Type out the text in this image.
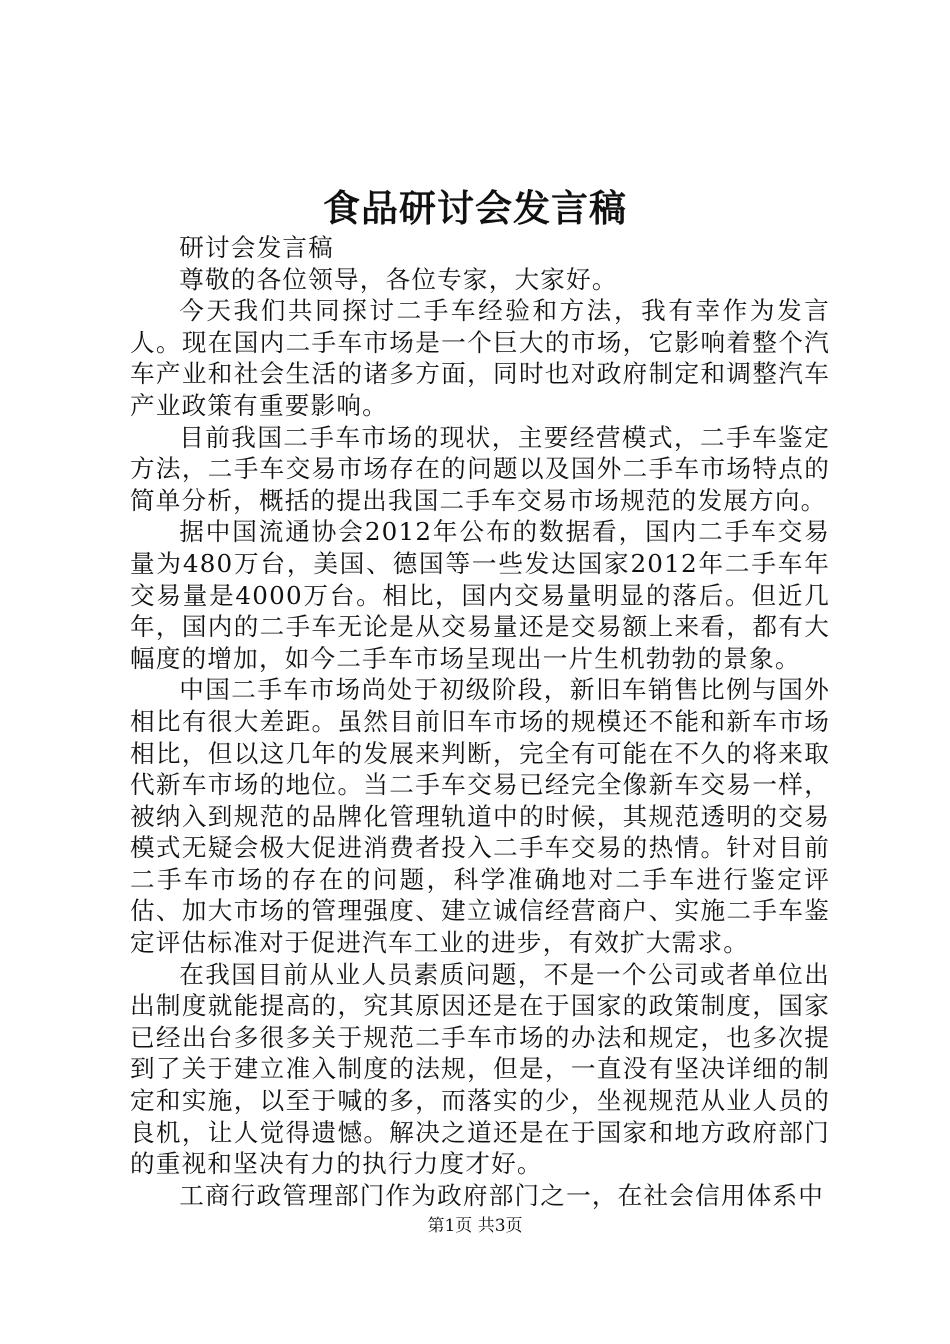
食品研讨会发言稿

研讨会发言稿

尊敬的各位领导，各位专家，大家好。

今天我们共同探讨二手车经验和方法，我有幸作为发言人。现在国内二手车市场是一个巨大的市场，它影响着整个汽车产业和社会生活的诸多方面，同时也对政府制定和调整汽车产业政策有重要影响。

目前我国二手车市场的现状，主要经营模式，二手车鉴定方法，二手车交易市场存在的问题以及国外二手车市场特点的简单分析，概括的提出我国二手车交易市场规范的发展方向。

据中国流通协会2012年公布的数据看，国内二手车交易量为480万台，美国、德国等一些发达国家2012年二手车年交易量是4000万台。相比，国内交易量明显的落后。但近几年，国内的二手车无论是从交易量还是交易额上来看，都有大幅度的增加，如今二手车市场呈现出一片生机勃勃的景象。

中国二手车市场尚处于初级阶段，新旧车销售比例与国外相比有很大差距。虽然目前旧车市场的规模还不能和新车市场相比，但以这几年的发展来判断，完全有可能在不久的将来取代新车市场的地位。当二手车交易已经完全像新车交易一样，被纳入到规范的品牌化管理轨道中的时候，其规范透明的交易模式无疑会极大促进消费者投入二手车交易的热情。针对目前二手车市场的存在的问题，科学准确地对二手车进行鉴定评估、加大市场的管理强度、建立诚信经营商户、实施二手车鉴定评估标准对于促进汽车工业的进步，有效扩大需求。

在我国目前从业人员素质问题，不是一个公司或者单位出出制度就能提高的，究其原因还是在于国家的政策制度，国家已经出台多很多关于规范二手车市场的办法和规定，也多次提到了关于建立准入制度的法规，但是，一直没有坚决详细的制定和实施，以至于喊的多，而落实的少，坐视规范从业人员的良机，让人觉得遗憾。解决之道还是在于国家和地方政府部门的重视和坚决有力的执行力度才好。

工商行政管理部门作为政府部门之一，在社会信用体系中

第1页 共3页
